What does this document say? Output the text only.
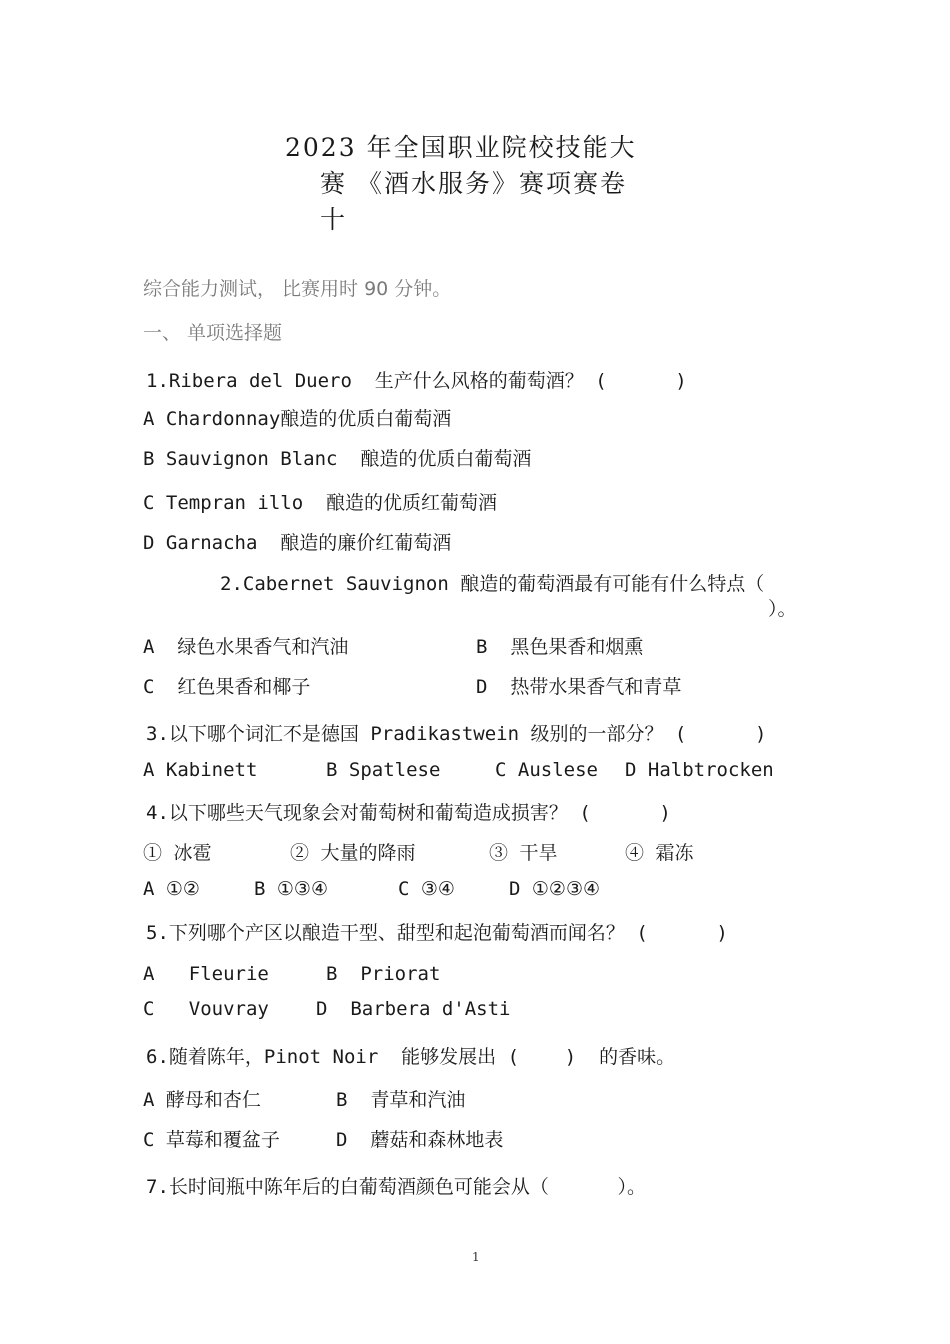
2023 年全国职业院校技能大
赛 《酒水服务》赛项赛卷
十
综合能力测试， 比赛用时 90 分钟。
一、 单项选择题
1.Ribera del Duero  生产什么风格的葡萄酒？ (      )
A Chardonnay酿造的优质白葡萄酒
B Sauvignon Blanc  酿造的优质白葡萄酒
C Tempran illo  酿造的优质红葡萄酒
D Garnacha  酿造的廉价红葡萄酒
2.Cabernet Sauvignon 酿造的葡萄酒最有可能有什么特点（
）。
A  绿色水果香气和汽油	B  黑色果香和烟熏
C  红色果香和椰子	D  热带水果香气和青草
3.以下哪个词汇不是德国 Pradikastwein 级别的一部分？ (      )
A Kabinett	B Spatlese	C Auslese D Halbtrocken
4.以下哪些天气现象会对葡萄树和葡萄造成损害？ (      )
① 冰雹	② 大量的降雨	③ 干旱	④ 霜冻
A ①②	B ①③④	C ③④	D ①②③④
5.下列哪个产区以酿造干型、甜型和起泡葡萄酒而闻名？ (      )
A   Fleurie	B  Priorat
C   Vouvray D  Barbera d'Asti
6.随着陈年，Pinot Noir  能够发展出 (    )  的香味。
A 酵母和杏仁	B  青草和汽油
C 草莓和覆盆子	D  蘑菇和森林地表
7.长时间瓶中陈年后的白葡萄酒颜色可能会从（      ）。
1
